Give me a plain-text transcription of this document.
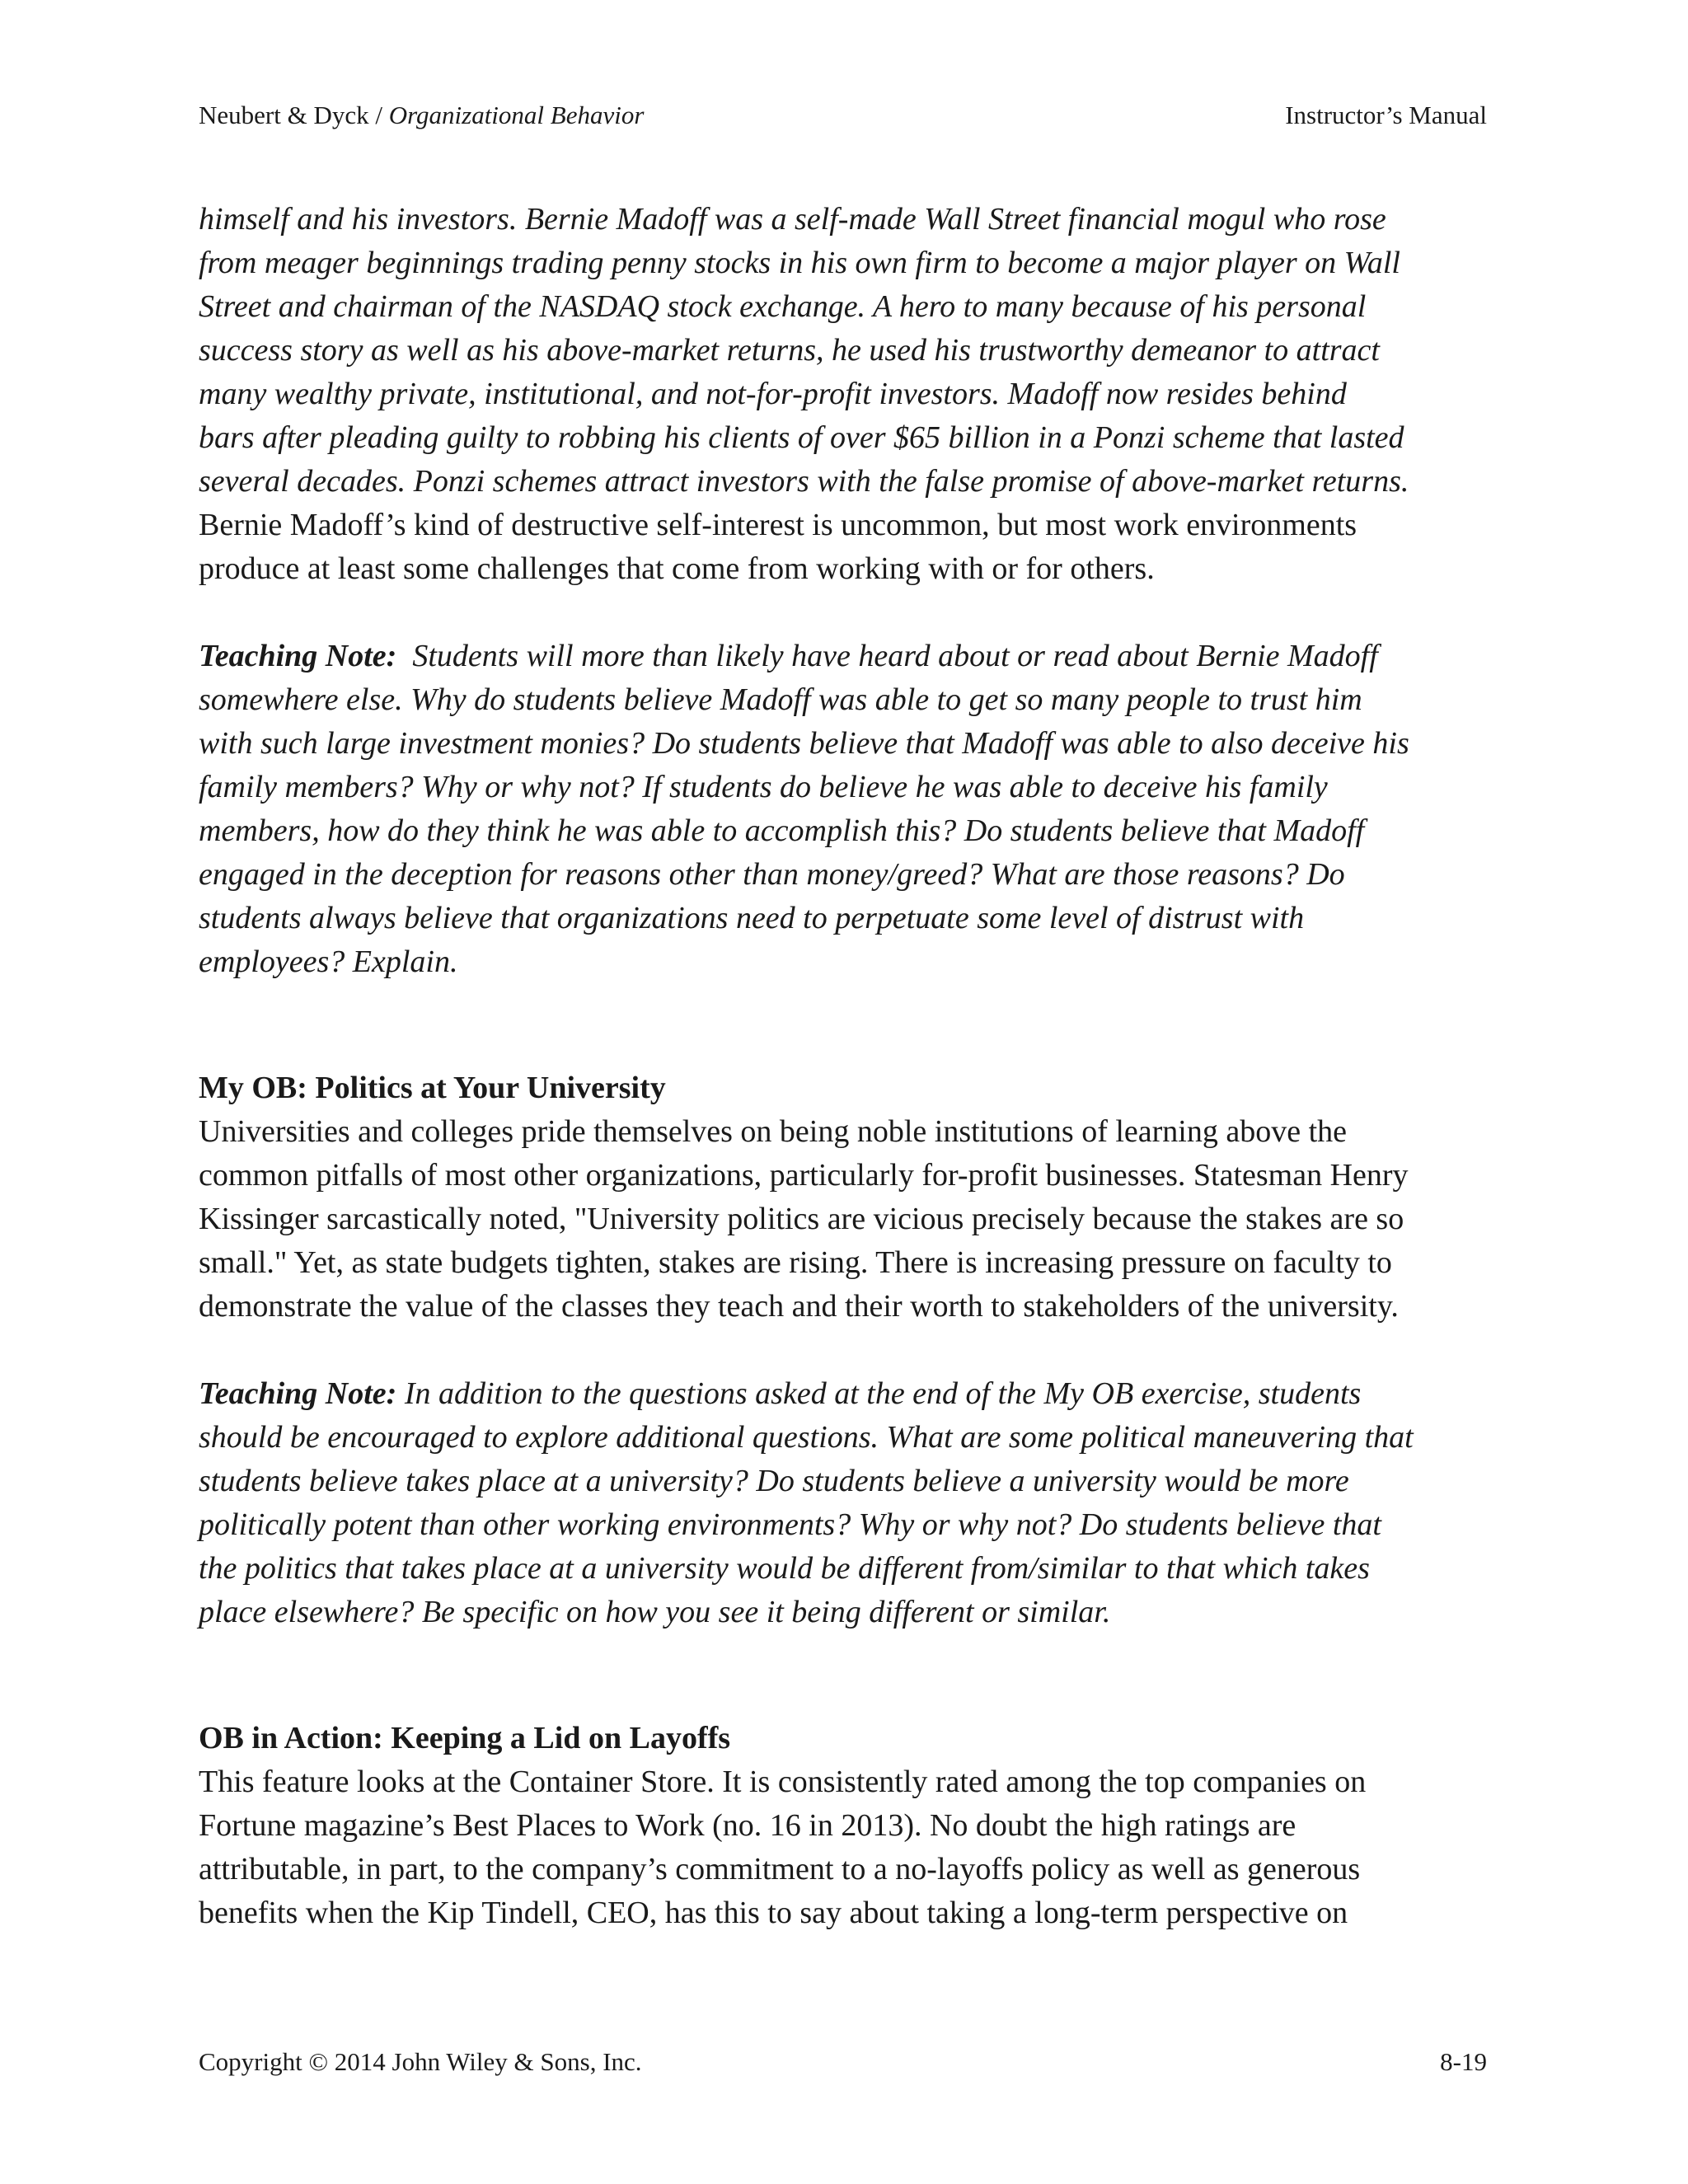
Neubert & Dyck / Organizational Behavior	Instructor’s Manual

himself and his investors. Bernie Madoff was a self-made Wall Street financial mogul who rose
from meager beginnings trading penny stocks in his own firm to become a major player on Wall
Street and chairman of the NASDAQ stock exchange. A hero to many because of his personal
success story as well as his above-market returns, he used his trustworthy demeanor to attract
many wealthy private, institutional, and not-for-profit investors. Madoff now resides behind
bars after pleading guilty to robbing his clients of over $65 billion in a Ponzi scheme that lasted
several decades. Ponzi schemes attract investors with the false promise of above-market returns.
Bernie Madoff’s kind of destructive self-interest is uncommon, but most work environments
produce at least some challenges that come from working with or for others.

Teaching Note:  Students will more than likely have heard about or read about Bernie Madoff
somewhere else. Why do students believe Madoff was able to get so many people to trust him
with such large investment monies? Do students believe that Madoff was able to also deceive his
family members? Why or why not? If students do believe he was able to deceive his family
members, how do they think he was able to accomplish this? Do students believe that Madoff
engaged in the deception for reasons other than money/greed? What are those reasons? Do
students always believe that organizations need to perpetuate some level of distrust with
employees? Explain.

My OB: Politics at Your University
Universities and colleges pride themselves on being noble institutions of learning above the
common pitfalls of most other organizations, particularly for-profit businesses. Statesman Henry
Kissinger sarcastically noted, "University politics are vicious precisely because the stakes are so
small." Yet, as state budgets tighten, stakes are rising. There is increasing pressure on faculty to
demonstrate the value of the classes they teach and their worth to stakeholders of the university.

Teaching Note: In addition to the questions asked at the end of the My OB exercise, students
should be encouraged to explore additional questions. What are some political maneuvering that
students believe takes place at a university? Do students believe a university would be more
politically potent than other working environments? Why or why not? Do students believe that
the politics that takes place at a university would be different from/similar to that which takes
place elsewhere? Be specific on how you see it being different or similar.

OB in Action: Keeping a Lid on Layoffs
This feature looks at the Container Store. It is consistently rated among the top companies on
Fortune magazine’s Best Places to Work (no. 16 in 2013). No doubt the high ratings are
attributable, in part, to the company’s commitment to a no-layoffs policy as well as generous
benefits when the Kip Tindell, CEO, has this to say about taking a long-term perspective on

Copyright © 2014 John Wiley & Sons, Inc.	8-19
